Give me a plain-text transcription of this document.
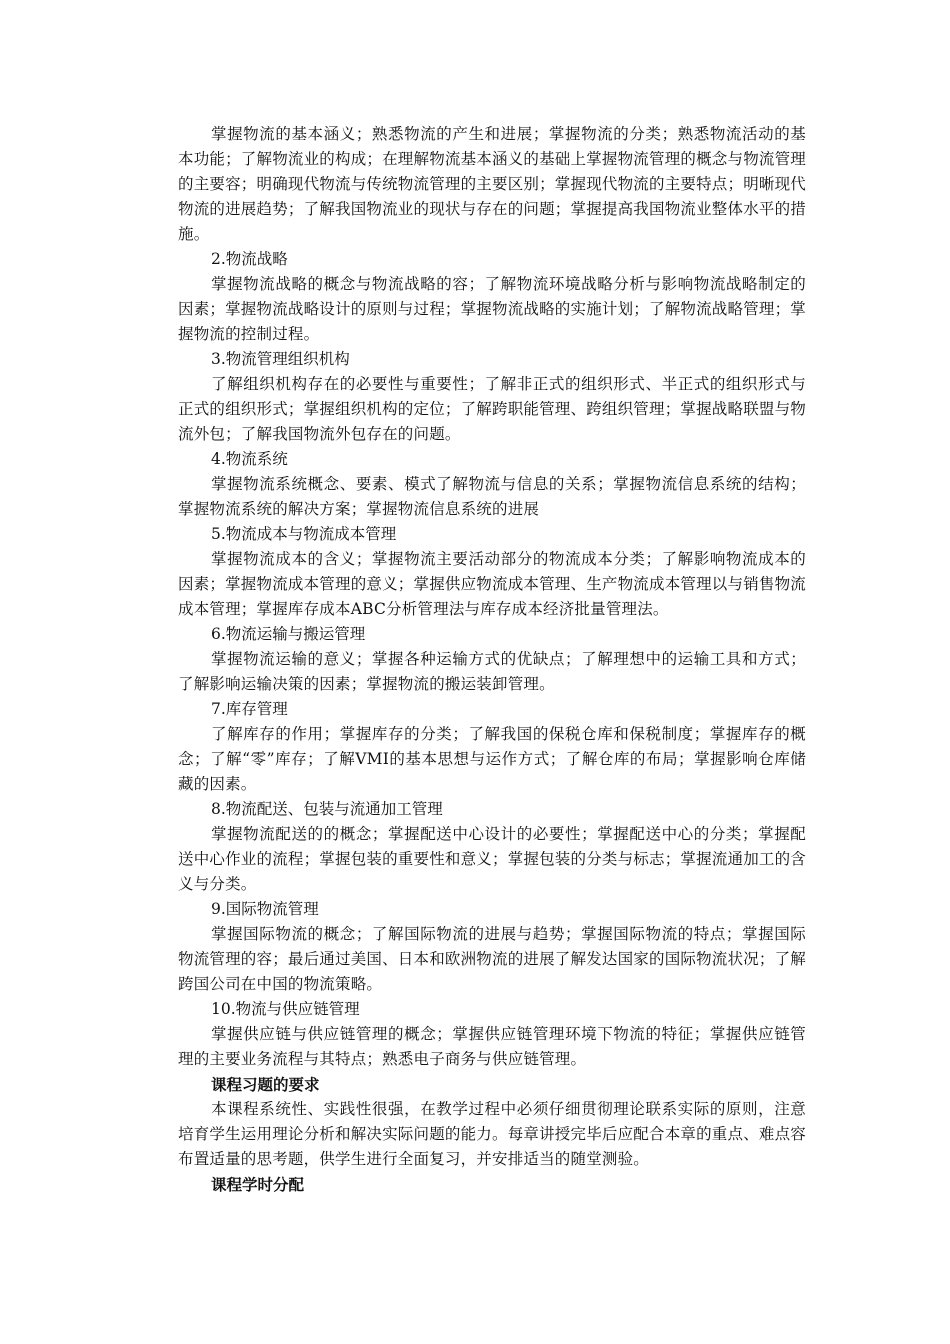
掌握物流的基本涵义；熟悉物流的产生和进展；掌握物流的分类；熟悉物流活动的基本功能；了解物流业的构成；在理解物流基本涵义的基础上掌握物流管理的概念与物流管理的主要容；明确现代物流与传统物流管理的主要区别；掌握现代物流的主要特点；明晰现代物流的进展趋势；了解我国物流业的现状与存在的问题；掌握提高我国物流业整体水平的措施。

2.物流战略

掌握物流战略的概念与物流战略的容；了解物流环境战略分析与影响物流战略制定的因素；掌握物流战略设计的原则与过程；掌握物流战略的实施计划；了解物流战略管理；掌握物流的控制过程。

3.物流管理组织机构

了解组织机构存在的必要性与重要性；了解非正式的组织形式、半正式的组织形式与正式的组织形式；掌握组织机构的定位；了解跨职能管理、跨组织管理；掌握战略联盟与物流外包；了解我国物流外包存在的问题。

4.物流系统

掌握物流系统概念、要素、模式了解物流与信息的关系；掌握物流信息系统的结构；掌握物流系统的解决方案；掌握物流信息系统的进展

5.物流成本与物流成本管理

掌握物流成本的含义；掌握物流主要活动部分的物流成本分类；了解影响物流成本的因素；掌握物流成本管理的意义；掌握供应物流成本管理、生产物流成本管理以与销售物流成本管理；掌握库存成本ABC分析管理法与库存成本经济批量管理法。

6.物流运输与搬运管理

掌握物流运输的意义；掌握各种运输方式的优缺点；了解理想中的运输工具和方式；了解影响运输决策的因素；掌握物流的搬运装卸管理。

7.库存管理

了解库存的作用；掌握库存的分类；了解我国的保税仓库和保税制度；掌握库存的概念；了解“零”库存；了解VMI的基本思想与运作方式；了解仓库的布局；掌握影响仓库储藏的因素。

8.物流配送、包装与流通加工管理

掌握物流配送的的概念；掌握配送中心设计的必要性；掌握配送中心的分类；掌握配送中心作业的流程；掌握包装的重要性和意义；掌握包装的分类与标志；掌握流通加工的含义与分类。

9.国际物流管理

掌握国际物流的概念；了解国际物流的进展与趋势；掌握国际物流的特点；掌握国际物流管理的容；最后通过美国、日本和欧洲物流的进展了解发达国家的国际物流状况；了解跨国公司在中国的物流策略。

10.物流与供应链管理

掌握供应链与供应链管理的概念；掌握供应链管理环境下物流的特征；掌握供应链管理的主要业务流程与其特点；熟悉电子商务与供应链管理。

课程习题的要求

本课程系统性、实践性很强，在教学过程中必须仔细贯彻理论联系实际的原则，注意培育学生运用理论分析和解决实际问题的能力。每章讲授完毕后应配合本章的重点、难点容布置适量的思考题，供学生进行全面复习，并安排适当的随堂测验。

课程学时分配
